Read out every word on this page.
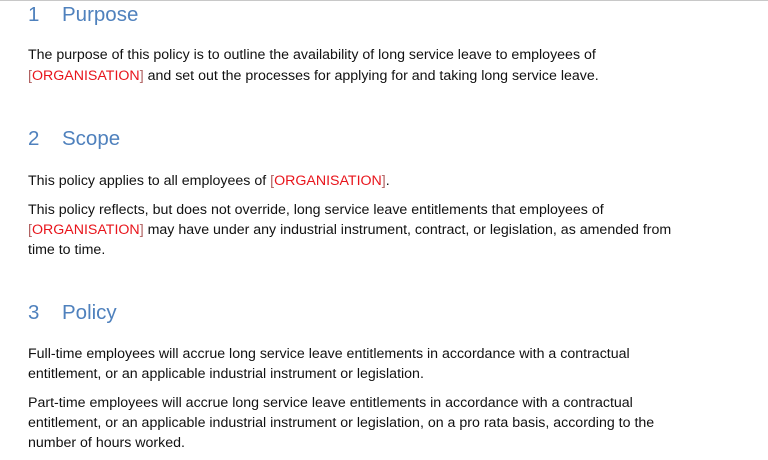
1 Purpose
The purpose of this policy is to outline the availability of long service leave to employees of
[ORGANISATION] and set out the processes for applying for and taking long service leave.
2 Scope
This policy applies to all employees of [ORGANISATION].
This policy reflects, but does not override, long service leave entitlements that employees of
[ORGANISATION] may have under any industrial instrument, contract, or legislation, as amended from
time to time.
3 Policy
Full-time employees will accrue long service leave entitlements in accordance with a contractual
entitlement, or an applicable industrial instrument or legislation.
Part-time employees will accrue long service leave entitlements in accordance with a contractual
entitlement, or an applicable industrial instrument or legislation, on a pro rata basis, according to the
number of hours worked.
